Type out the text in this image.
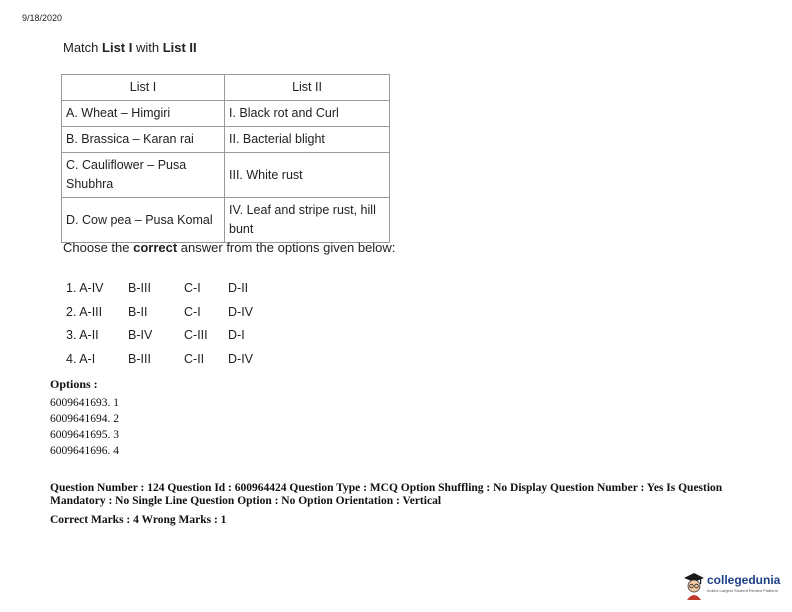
9/18/2020
Match List I with List II
List I	List II
A. Wheat – Himgiri	I. Black rot and Curl
B. Brassica – Karan rai	II. Bacterial blight
C. Cauliflower – Pusa
Shubhra	III. White rust
D. Cow pea – Pusa Komal	IV. Leaf and stripe rust, hill bunt
Choose the correct answer from the options given below:
1. A-IV B-III	C-I D-II
2. A-III B-II	C-I D-IV
3. A-II B-IV	C-III D-I
4. A-I	B-III	C-II D-IV
Options :
6009641693. 1
6009641694. 2
6009641695. 3
6009641696. 4
Question Number : 124 Question Id : 600964424 Question Type : MCQ Option Shuffling : No Display Question Number : Yes Is Question Mandatory : No Single Line Question Option : No Option Orientation : Vertical
Correct Marks : 4 Wrong Marks : 1
collegedunia
India's Largest Student Review Platform
